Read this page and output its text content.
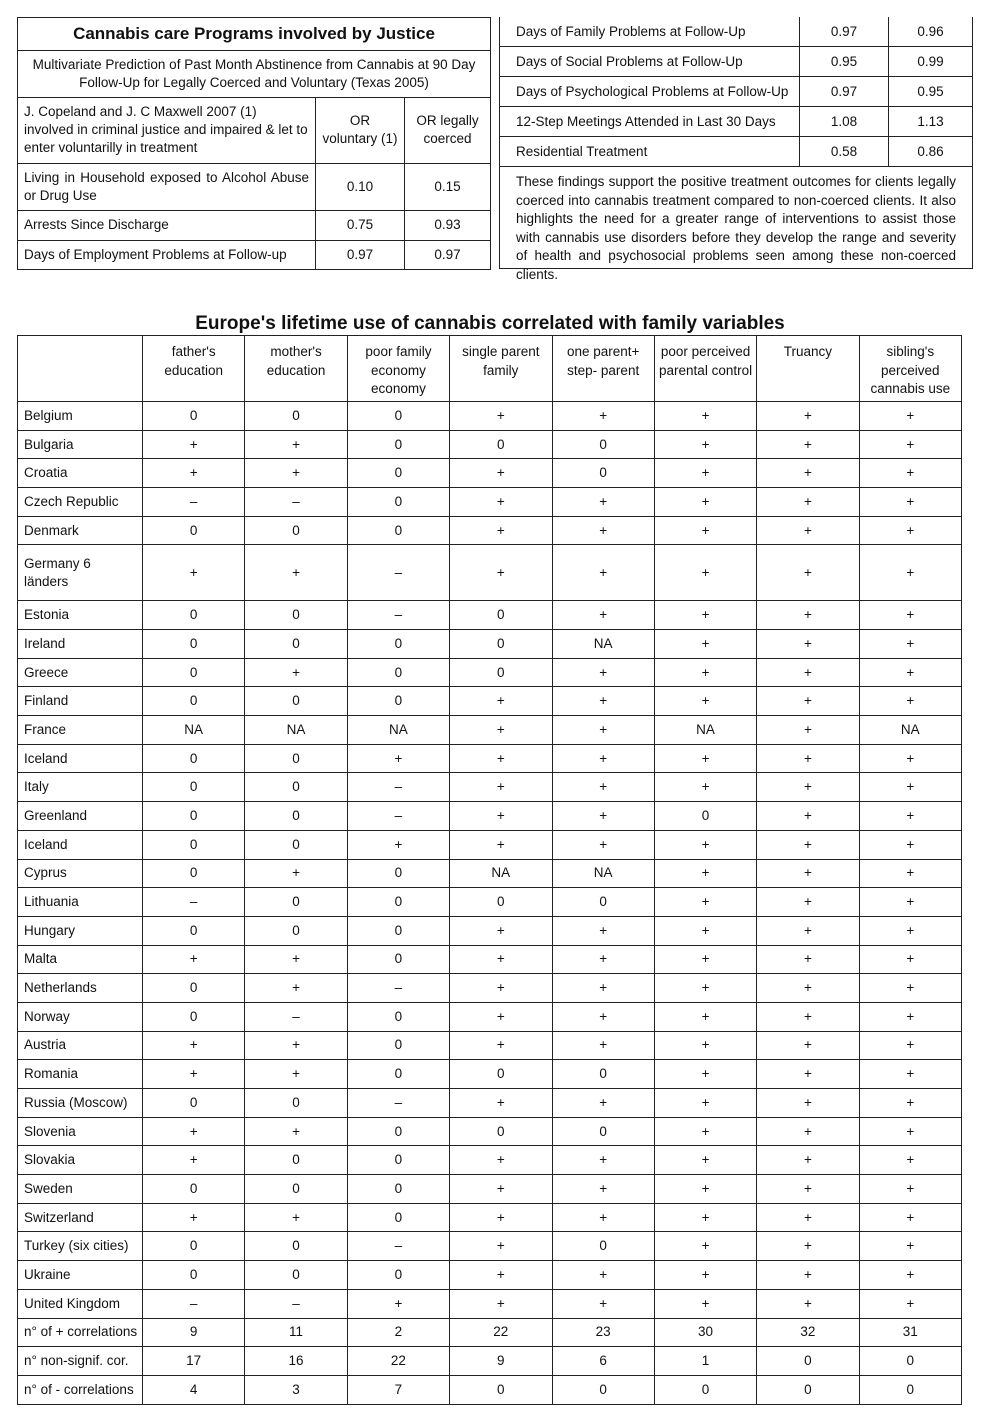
Cannabis care Programs involved by Justice		
Multivariate Prediction of Past Month Abstinence from Cannabis at 90 Day Follow-Up for Legally Coerced and Voluntary (Texas 2005)		
J. Copeland and J. C Maxwell 2007 (1) involved in criminal justice and impaired & let to enter voluntarilly in treatment	OR voluntary (1)	OR legally coerced
Living in Household exposed to Alcohol Abuse or Drug Use	0.10	0.15
Arrests Since Discharge	0.75	0.93
Days of Employment Problems at Follow-up	0.97	0.97
Days of Family Problems at Follow-Up	0.97	0.96
Days of Social Problems at Follow-Up	0.95	0.99
Days of Psychological Problems at Follow-Up	0.97	0.95
12-Step Meetings Attended in Last 30 Days	1.08	1.13
Residential Treatment	0.58	0.86
These findings support the positive treatment outcomes for clients legally coerced into cannabis treatment compared to non-coerced clients. It also highlights the need for a greater range of interventions to assist those with cannabis use disorders before they develop the range and severity of health and psychosocial problems seen among these non-coerced clients.
Europe's lifetime use of cannabis correlated with family variables
	father's education	mother's education	poor family economy economy	single parent family	one parent+ step- parent	poor perceived parental control	Truancy	sibling's perceived cannabis use
Belgium	0	0	0	+	+	+	+	+
Bulgaria	+	+	0	0	0	+	+	+
Croatia	+	+	0	+	0	+	+	+
Czech Republic	–	–	0	+	+	+	+	+
Denmark	0	0	0	+	+	+	+	+
Germany 6 länders	+	+	–	+	+	+	+	+
Estonia	0	0	–	0	+	+	+	+
Ireland	0	0	0	0	NA	+	+	+
Greece	0	+	0	0	+	+	+	+
Finland	0	0	0	+	+	+	+	+
France	NA	NA	NA	+	+	NA	+	NA
Iceland	0	0	+	+	+	+	+	+
Italy	0	0	–	+	+	+	+	+
Greenland	0	0	–	+	+	0	+	+
Iceland	0	0	+	+	+	+	+	+
Cyprus	0	+	0	NA	NA	+	+	+
Lithuania	–	0	0	0	0	+	+	+
Hungary	0	0	0	+	+	+	+	+
Malta	+	+	0	+	+	+	+	+
Netherlands	0	+	–	+	+	+	+	+
Norway	0	–	0	+	+	+	+	+
Austria	+	+	0	+	+	+	+	+
Romania	+	+	0	0	0	+	+	+
Russia (Moscow)	0	0	–	+	+	+	+	+
Slovenia	+	+	0	0	0	+	+	+
Slovakia	+	0	0	+	+	+	+	+
Sweden	0	0	0	+	+	+	+	+
Switzerland	+	+	0	+	+	+	+	+
Turkey (six cities)	0	0	–	+	0	+	+	+
Ukraine	0	0	0	+	+	+	+	+
United Kingdom	–	–	+	+	+	+	+	+
n° of + correlations	9	11	2	22	23	30	32	31
n° non-signif. cor.	17	16	22	9	6	1	0	0
n° of - correlations	4	3	7	0	0	0	0	0
